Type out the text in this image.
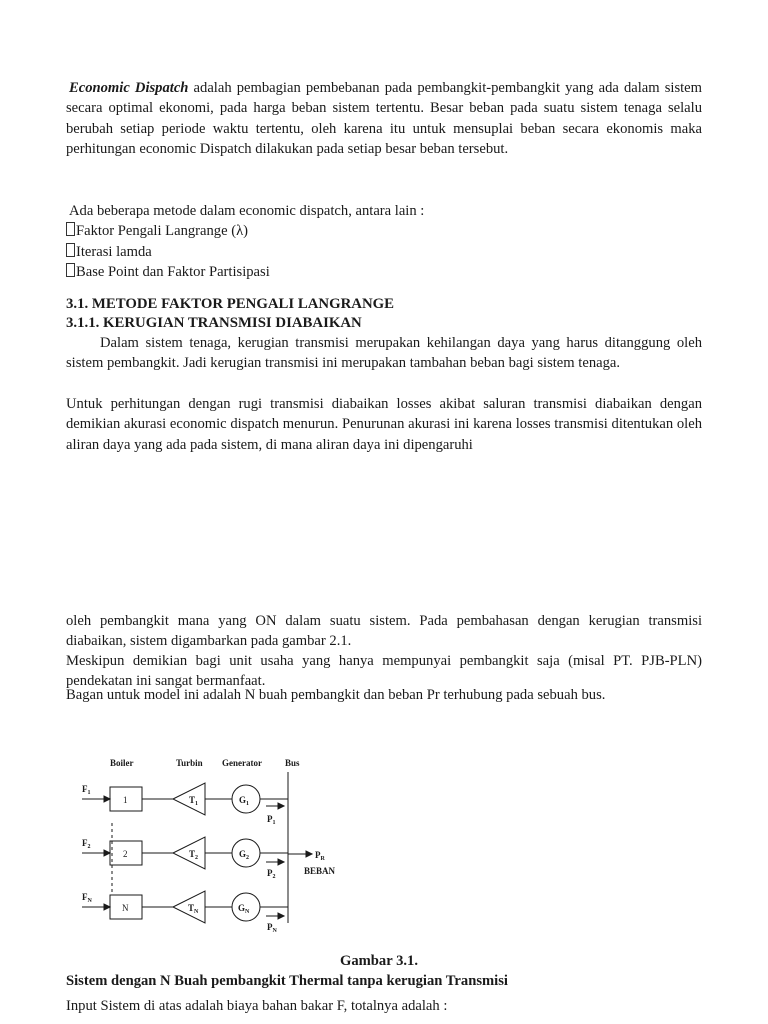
Economic Dispatch adalah pembagian pembebanan pada pembangkit-pembangkit yang ada dalam sistem secara optimal ekonomi, pada harga beban sistem tertentu. Besar beban pada suatu sistem tenaga selalu berubah setiap periode waktu tertentu, oleh karena itu untuk mensuplai beban secara ekonomis maka perhitungan economic Dispatch dilakukan pada setiap besar beban tersebut.
Ada beberapa metode dalam economic dispatch, antara lain :
Faktor Pengali Langrange (λ)
Iterasi lamda
Base Point dan Faktor Partisipasi
3.1. METODE FAKTOR PENGALI LANGRANGE
3.1.1. KERUGIAN TRANSMISI DIABAIKAN
Dalam sistem tenaga, kerugian transmisi merupakan kehilangan daya yang harus ditanggung oleh sistem pembangkit. Jadi kerugian transmisi ini merupakan tambahan beban bagi sistem tenaga.
Untuk perhitungan dengan rugi transmisi diabaikan losses akibat saluran transmisi diabaikan dengan demikian akurasi economic dispatch menurun. Penurunan akurasi ini karena losses transmisi ditentukan oleh aliran daya yang ada pada sistem, di mana aliran daya ini dipengaruhi
oleh pembangkit mana yang ON dalam suatu sistem. Pada pembahasan dengan kerugian transmisi diabaikan, sistem digambarkan pada gambar 2.1.
Meskipun demikian bagi unit usaha yang hanya mempunyai pembangkit saja (misal PT. PJB-PLN) pendekatan ini sangat bermanfaat.
Bagan untuk model ini adalah N buah pembangkit dan beban Pr terhubung pada sebuah bus.
Boiler	Turbin Generator	Bus
$F_1$
1	$T_1$	$G_1$
$P_1$
$F_2$
2	$T_2$	$G_2$
$P_2$
$P_R$
BEBAN
$F_N$
N	$T_N$	$G_N$
$P_N$
Gambar 3.1.
Sistem dengan N Buah pembangkit Thermal tanpa kerugian Transmisi
Input Sistem di atas adalah biaya bahan bakar F, totalnya adalah :
